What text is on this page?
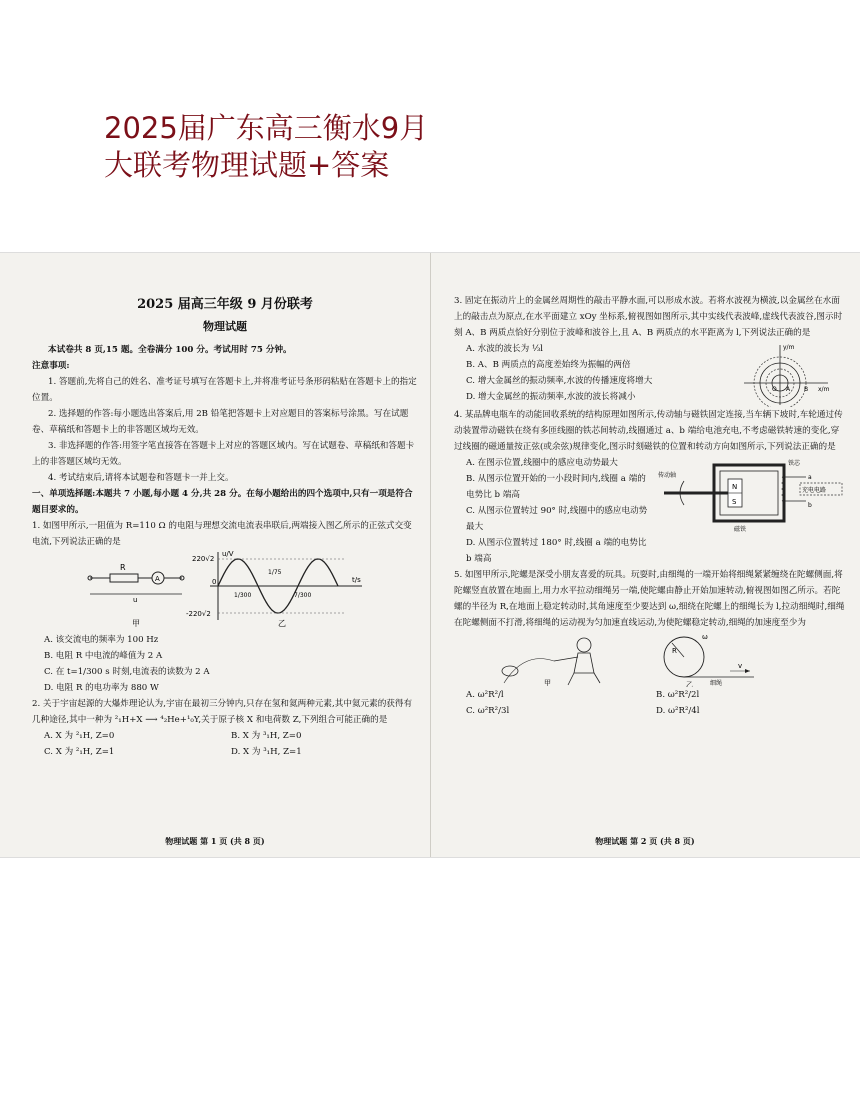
2025届广东高三衡水9月大联考物理试题+答案

2025 届高三年级 9 月份联考

物理试题

本试卷共 8 页,15 题。全卷满分 100 分。考试用时 75 分钟。

注意事项:

1. 答题前,先将自己的姓名、准考证号填写在答题卡上,并将准考证号条形码粘贴在答题卡上的指定位置。

2. 选择题的作答:每小题选出答案后,用 2B 铅笔把答题卡上对应题目的答案标号涂黑。写在试题卷、草稿纸和答题卡上的非答题区域均无效。

3. 非选择题的作答:用签字笔直接答在答题卡上对应的答题区域内。写在试题卷、草稿纸和答题卡上的非答题区域均无效。

4. 考试结束后,请将本试题卷和答题卡一并上交。

一、单项选择题:本题共 7 小题,每小题 4 分,共 28 分。在每小题给出的四个选项中,只有一项是符合题目要求的。

1. 如图甲所示,一阻值为 R=110 Ω 的电阻与理想交流电流表串联后,两端接入图乙所示的正弦式交变电流,下列说法正确的是

R
A
u
甲
220√2
-220√2
0
u/V
t/s
1/300
1/75
7/300
乙

A. 该交流电的频率为 100 Hz

B. 电阻 R 中电流的峰值为 2 A

C. 在 t=1/300 s 时刻,电流表的读数为 2 A

D. 电阻 R 的电功率为 880 W

2. 关于宇宙起源的大爆炸理论认为,宇宙在最初三分钟内,只存在氢和氦两种元素,其中氦元素的获得有几种途径,其中一种为 ²₁H+X ⟶ ⁴₂He+¹₀Y,关于原子核 X 和电荷数 Z,下列组合可能正确的是

A. X 为 ²₁H, Z=0	B. X 为 ³₁H, Z=0
C. X 为 ²₁H, Z=1	D. X 为 ³₁H, Z=1
物理试题 第 1 页 (共 8 页)

3. 固定在振动片上的金属丝周期性的敲击平静水面,可以形成水波。若将水波视为横波,以金属丝在水面上的敲击点为原点,在水平面建立 xOy 坐标系,俯视图如图所示,其中实线代表波峰,虚线代表波谷,图示时刻 A、B 两质点恰好分别位于波峰和波谷上,且 A、B 两质点的水平距离为 l,下列说法正确的是

A. 水波的波长为 ⅓l

B. A、B 两质点的高度差始终为振幅的两倍

C. 增大金属丝的振动频率,水波的传播速度将增大

D. 增大金属丝的振动频率,水波的波长将减小

y/m
x/m
O A B

4. 某品牌电瓶车的动能回收系统的结构原理如图所示,传动轴与磁铁固定连接,当车辆下坡时,车轮通过传动装置带动磁铁在绕有多匝线圈的铁芯间转动,线圈通过 a、b 端给电池充电,不考虑磁铁转速的变化,穿过线圈的磁通量按正弦(或余弦)规律变化,图示时刻磁铁的位置和转动方向如图所示,下列说法正确的是

A. 在图示位置,线圈中的感应电动势最大

B. 从图示位置开始的一小段时间内,线圈 a 端的电势比 b 端高

C. 从图示位置转过 90° 时,线圈中的感应电动势最大

D. 从图示位置转过 180° 时,线圈 a 端的电势比 b 端高

N
S
充电电路
a
b
传动轴
铁芯
磁铁

5. 如图甲所示,陀螺是深受小朋友喜爱的玩具。玩耍时,由细绳的一端开始将细绳紧紧缠绕在陀螺侧面,将陀螺竖直放置在地面上,用力水平拉动细绳另一端,使陀螺由静止开始加速转动,俯视图如图乙所示。若陀螺的半径为 R,在地面上稳定转动时,其角速度至少要达到 ω,细绕在陀螺上的细绳长为 l,拉动细绳时,细绳在陀螺侧面不打滑,将细绳的运动视为匀加速直线运动,为使陀螺稳定转动,细绳的加速度至少为

甲
R
ω
v
细绳
乙
A. ω²R²/l	B. ω²R²/2l
C. ω²R²/3l	D. ω²R²/4l
物理试题 第 2 页 (共 8 页)
